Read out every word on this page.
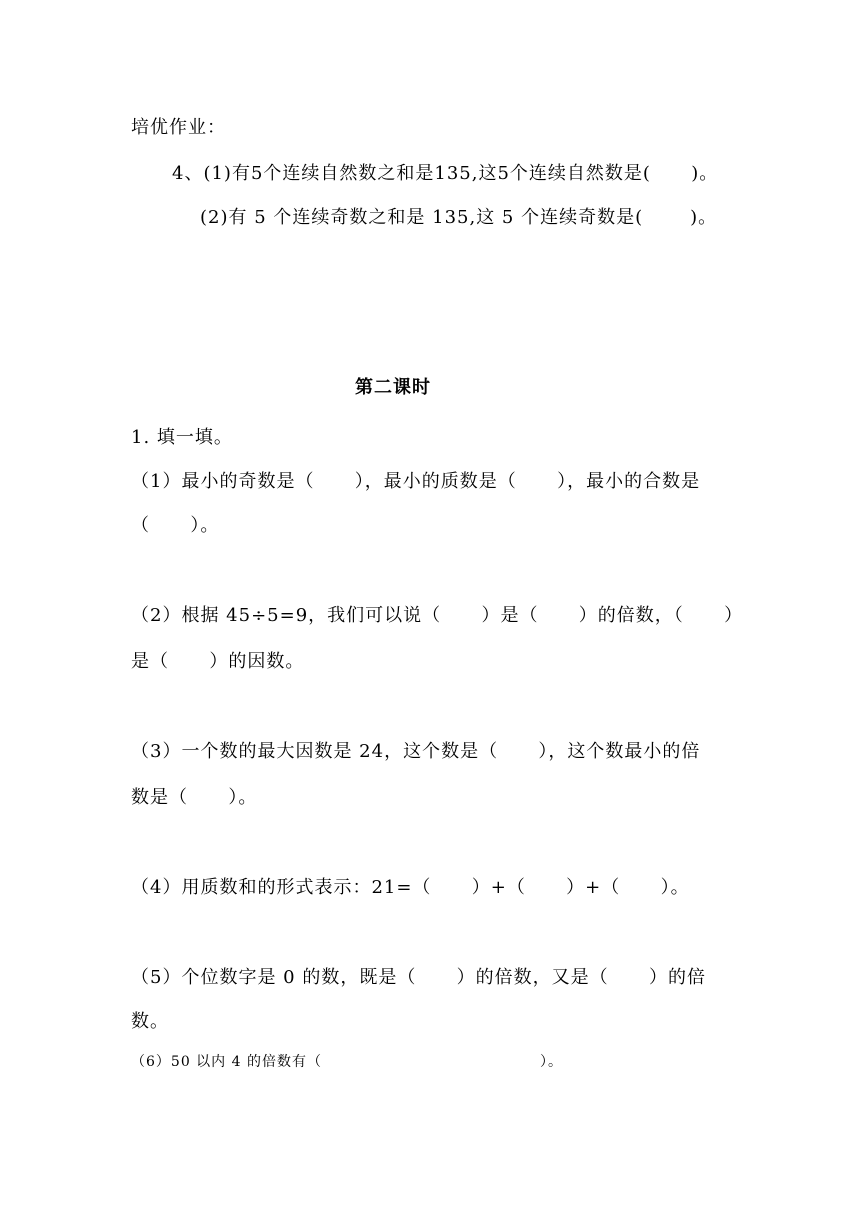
培优作业：
4、(1)有5个连续自然数之和是135,这5个连续自然数是(      )。
(2)有 5 个连续奇数之和是 135,这 5 个连续奇数是(       )。
第二课时
1. 填一填。
（1）最小的奇数是（      ），最小的质数是（      ），最小的合数是
（      ）。
（2）根据 45÷5=9，我们可以说（      ）是（      ）的倍数，（      ）
是（      ）的因数。
（3）一个数的最大因数是 24，这个数是（      ），这个数最小的倍
数是（      ）。
（4）用质数和的形式表示：21=（      ）+（      ）+（      ）。
（5）个位数字是 0 的数，既是（      ）的倍数，又是（      ）的倍
数。
（6）50 以内 4 的倍数有（                                        ）。
